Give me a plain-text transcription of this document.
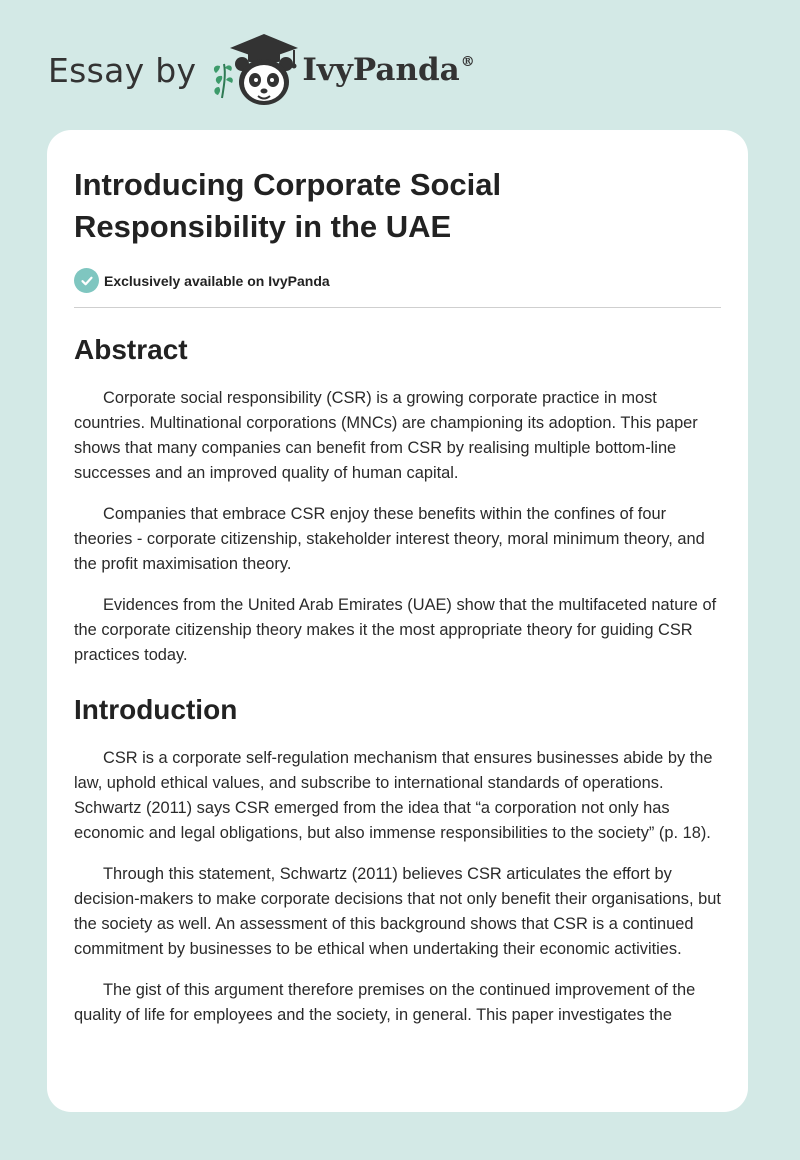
Essay by	IvyPanda®
Introducing Corporate Social
Responsibility in the UAE
Exclusively available on IvyPanda
Abstract

Corporate social responsibility (CSR) is a growing corporate practice in most countries. Multinational corporations (MNCs) are championing its adoption. This paper shows that many companies can benefit from CSR by realising multiple bottom-line successes and an improved quality of human capital.

Companies that embrace CSR enjoy these benefits within the confines of four theories - corporate citizenship, stakeholder interest theory, moral minimum theory, and the profit maximisation theory.

Evidences from the United Arab Emirates (UAE) show that the multifaceted nature of the corporate citizenship theory makes it the most appropriate theory for guiding CSR practices today.

Introduction

CSR is a corporate self-regulation mechanism that ensures businesses abide by the law, uphold ethical values, and subscribe to international standards of operations. Schwartz (2011) says CSR emerged from the idea that “a corporation not only has economic and legal obligations, but also immense responsibilities to the society” (p. 18).

Through this statement, Schwartz (2011) believes CSR articulates the effort by decision-makers to make corporate decisions that not only benefit their organisations, but the society as well. An assessment of this background shows that CSR is a continued commitment by businesses to be ethical when undertaking their economic activities.

The gist of this argument therefore premises on the continued improvement of the quality of life for employees and the society, in general. This paper investigates the
